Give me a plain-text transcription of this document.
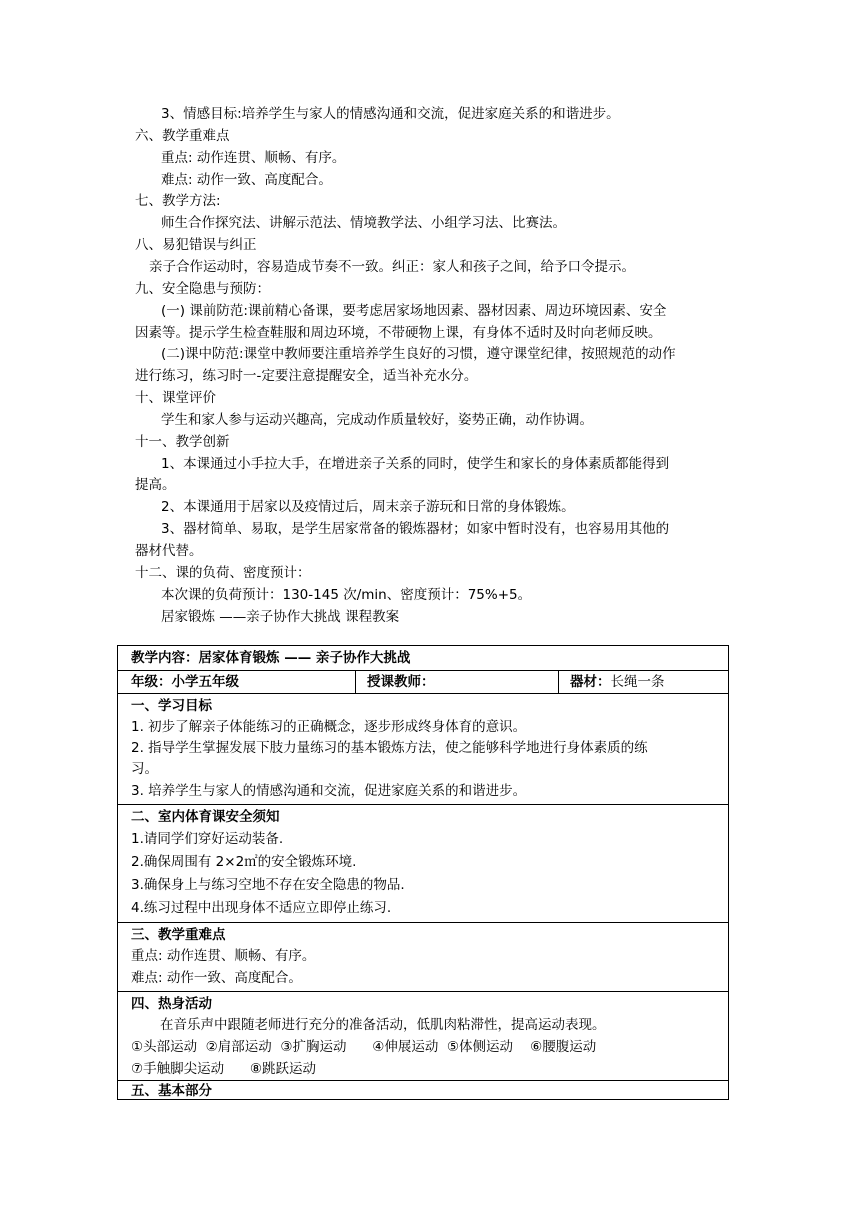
3、情感目标:培养学生与家人的情感沟通和交流，促进家庭关系的和谐进步。
六、教学重难点
重点: 动作连贯、顺畅、有序。
难点: 动作一致、高度配合。
七、教学方法:
师生合作探究法、讲解示范法、情境教学法、小组学习法、比赛法。
八、易犯错误与纠正
亲子合作运动时，容易造成节奏不一致。纠正：家人和孩子之间，给予口令提示。
九、安全隐患与预防：
(一) 课前防范:课前精心备课，要考虑居家场地因素、器材因素、周边环境因素、安全
因素等。提示学生检查鞋服和周边环境，不带硬物上课，有身体不适时及时向老师反映。
(二)课中防范:课堂中教师要注重培养学生良好的习惯，遵守课堂纪律，按照规范的动作
进行练习，练习时一-定要注意提醒安全，适当补充水分。
十、课堂评价
学生和家人参与运动兴趣高，完成动作质量较好，姿势正确，动作协调。
十一、教学创新
1、本课通过小手拉大手，在增进亲子关系的同时，使学生和家长的身体素质都能得到
提高。
2、本课通用于居家以及疫情过后，周末亲子游玩和日常的身体锻炼。
3、器材简单、易取，是学生居家常备的锻炼器材；如家中暂时没有，也容易用其他的
器材代替。
十二、课的负荷、密度预计：
本次课的负荷预计：130-145 次/min、密度预计：75%+5。
居家锻炼 ——亲子协作大挑战 课程教案
教学内容：居家体育锻炼 —— 亲子协作大挑战
年级：小学五年级	授课教师：	器材：长绳一条
一、学习目标
1. 初步了解亲子体能练习的正确概念，逐步形成终身体育的意识。
2. 指导学生掌握发展下肢力量练习的基本锻炼方法，使之能够科学地进行身体素质的练
习。
3. 培养学生与家人的情感沟通和交流，促进家庭关系的和谐进步。
二、室内体育课安全须知
1.请同学们穿好运动装备.
2.确保周围有 2×2㎡的安全锻炼环境.
3.确保身上与练习空地不存在安全隐患的物品.
4.练习过程中出现身体不适应立即停止练习.
三、教学重难点
重点: 动作连贯、顺畅、有序。
难点: 动作一致、高度配合。
四、热身活动
在音乐声中跟随老师进行充分的准备活动，低肌肉粘滞性，提高运动表现。
①头部运动  ②肩部运动  ③扩胸运动      ④伸展运动  ⑤体侧运动    ⑥腰腹运动
⑦手触脚尖运动      ⑧跳跃运动
五、基本部分
